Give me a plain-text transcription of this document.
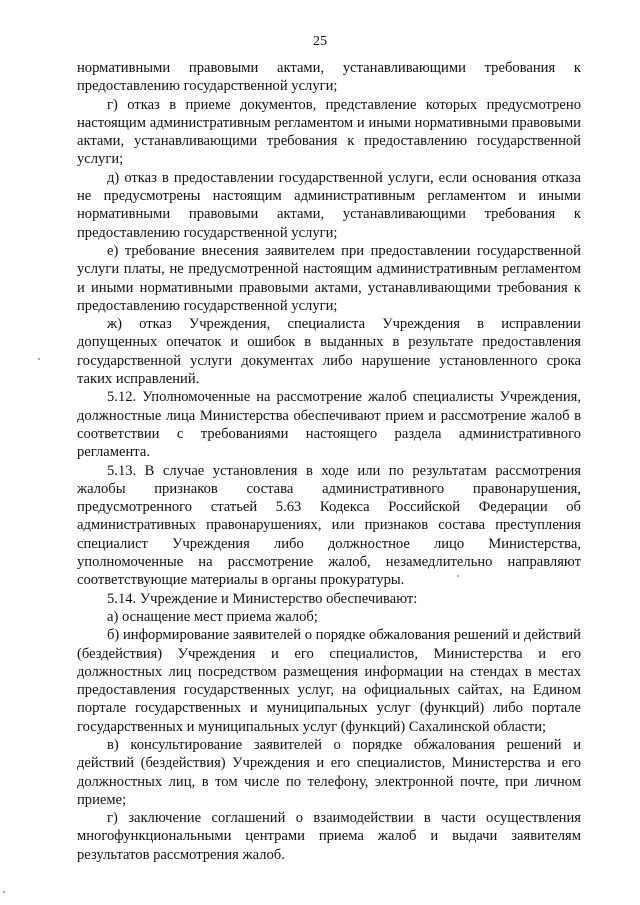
25

нормативными правовыми актами, устанавливающими требования к предоставлению государственной услуги;

г) отказ в приеме документов, представление которых предусмотрено настоящим административным регламентом и иными нормативными правовыми актами, устанавливающими требования к предоставлению государственной услуги;

д) отказ в предоставлении государственной услуги, если основания отказа не предусмотрены настоящим административным регламентом и иными нормативными правовыми актами, устанавливающими требования к предоставлению государственной услуги;

е) требование внесения заявителем при предоставлении государственной услуги платы, не предусмотренной настоящим административным регламентом и иными нормативными правовыми актами, устанавливающими требования к предоставлению государственной услуги;

ж) отказ Учреждения, специалиста Учреждения в исправлении допущенных опечаток и ошибок в выданных в результате предоставления государственной услуги документах либо нарушение установленного срока таких исправлений.

5.12. Уполномоченные на рассмотрение жалоб специалисты Учреждения, должностные лица Министерства обеспечивают прием и рассмотрение жалоб в соответствии с требованиями настоящего раздела административного регламента.

5.13. В случае установления в ходе или по результатам рассмотрения жалобы признаков состава административного правонарушения, предусмотренного статьей 5.63 Кодекса Российской Федерации об административных правонарушениях, или признаков состава преступления специалист Учреждения либо должностное лицо Министерства, уполномоченные на рассмотрение жалоб, незамедлительно направляют соответствующие материалы в органы прокуратуры.

5.14. Учреждение и Министерство обеспечивают:

а) оснащение мест приема жалоб;

б) информирование заявителей о порядке обжалования решений и действий (бездействия) Учреждения и его специалистов, Министерства и его должностных лиц посредством размещения информации на стендах в местах предоставления государственных услуг, на официальных сайтах, на Едином портале государственных и муниципальных услуг (функций) либо портале государственных и муниципальных услуг (функций) Сахалинской области;

в) консультирование заявителей о порядке обжалования решений и действий (бездействия) Учреждения и его специалистов, Министерства и его должностных лиц, в том числе по телефону, электронной почте, при личном приеме;

г) заключение соглашений о взаимодействии в части осуществления многофункциональными центрами приема жалоб и выдачи заявителям результатов рассмотрения жалоб.
